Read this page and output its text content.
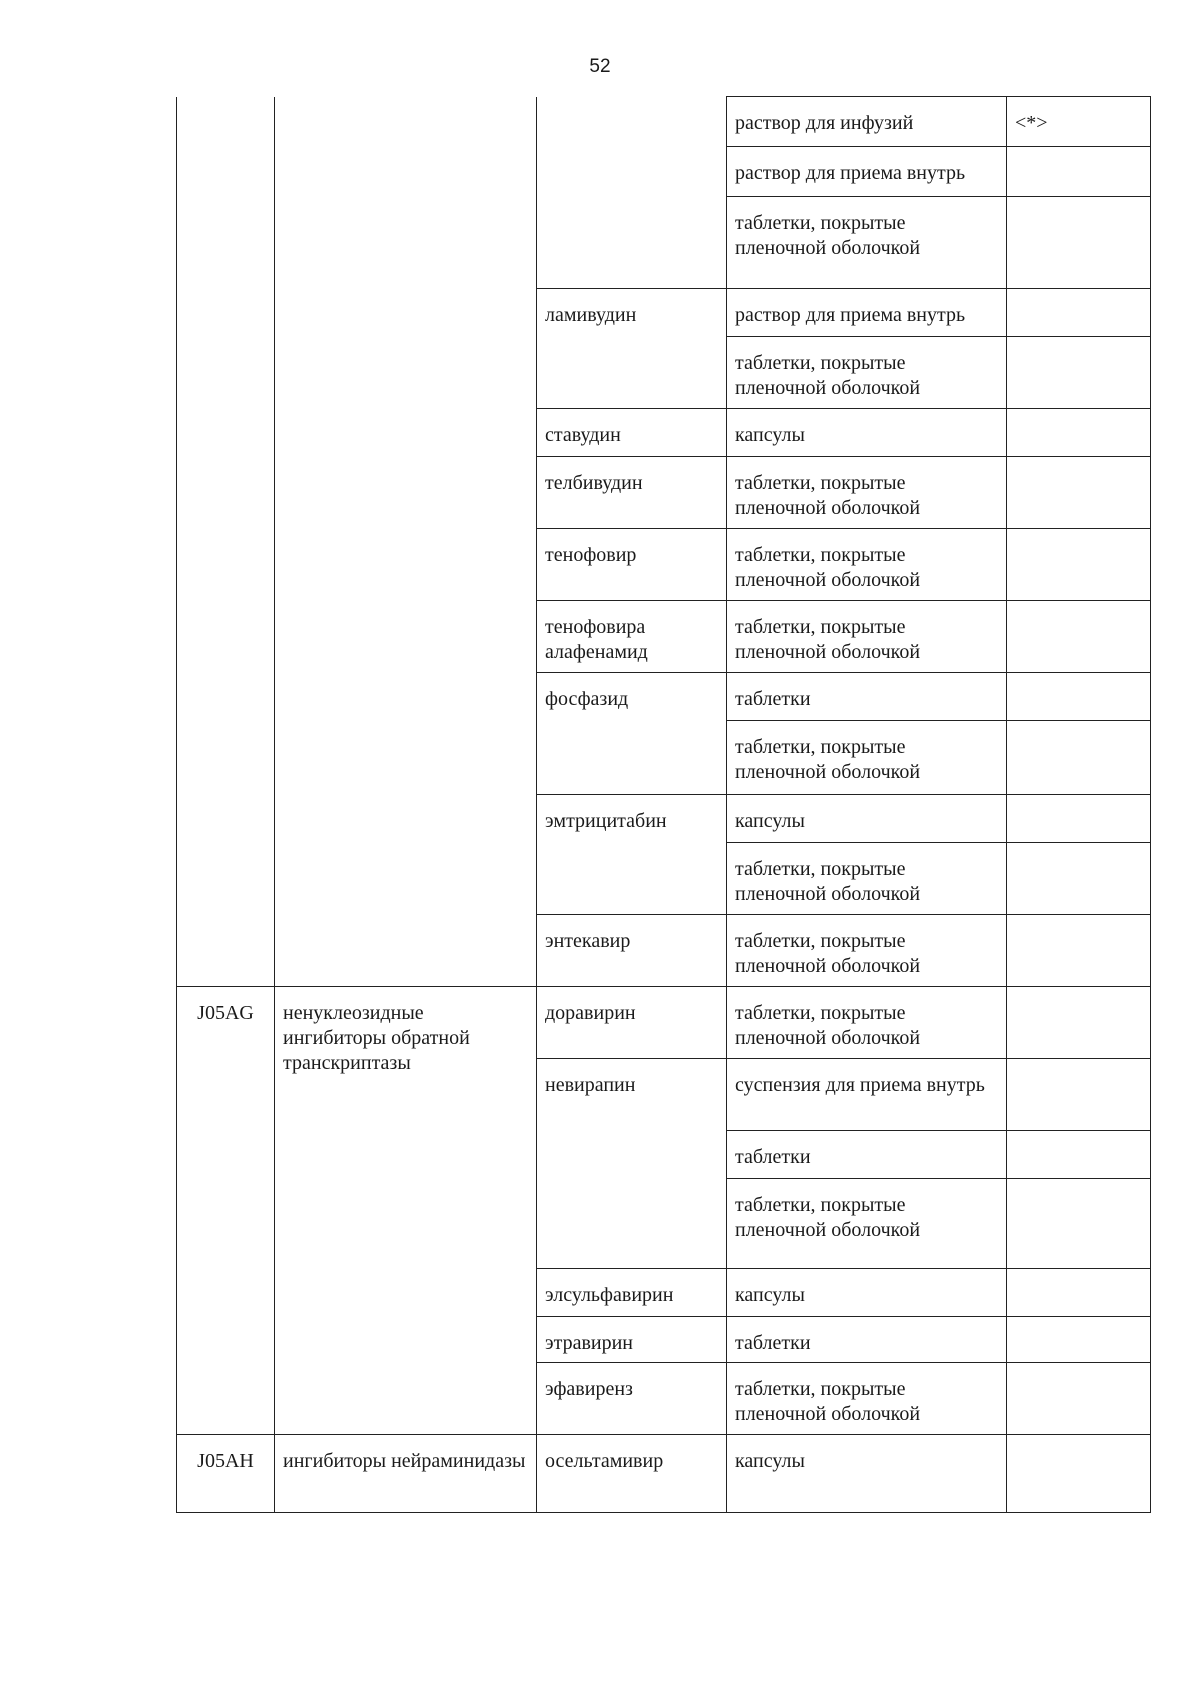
52
			раствор для инфузий	<*>
			раствор для приема внутрь	
			таблетки, покрытые пленочной оболочкой	
		ламивудин	раствор для приема внутрь	
			таблетки, покрытые пленочной оболочкой	
		ставудин	капсулы	
		телбивудин	таблетки, покрытые пленочной оболочкой	
		тенофовир	таблетки, покрытые пленочной оболочкой	
		тенофовира алафенамид	таблетки, покрытые пленочной оболочкой	
		фосфазид	таблетки	
			таблетки, покрытые пленочной оболочкой	
		эмтрицитабин	капсулы	
			таблетки, покрытые пленочной оболочкой	
		энтекавир	таблетки, покрытые пленочной оболочкой	
J05AG	ненуклеозидные ингибиторы обратной транскриптазы	доравирин	таблетки, покрытые пленочной оболочкой	
		невирапин	суспензия для приема внутрь	
			таблетки	
			таблетки, покрытые пленочной оболочкой	
		элсульфавирин	капсулы	
		этравирин	таблетки	
		эфавиренз	таблетки, покрытые пленочной оболочкой	
J05AH	ингибиторы нейраминидазы	осельтамивир	капсулы	
